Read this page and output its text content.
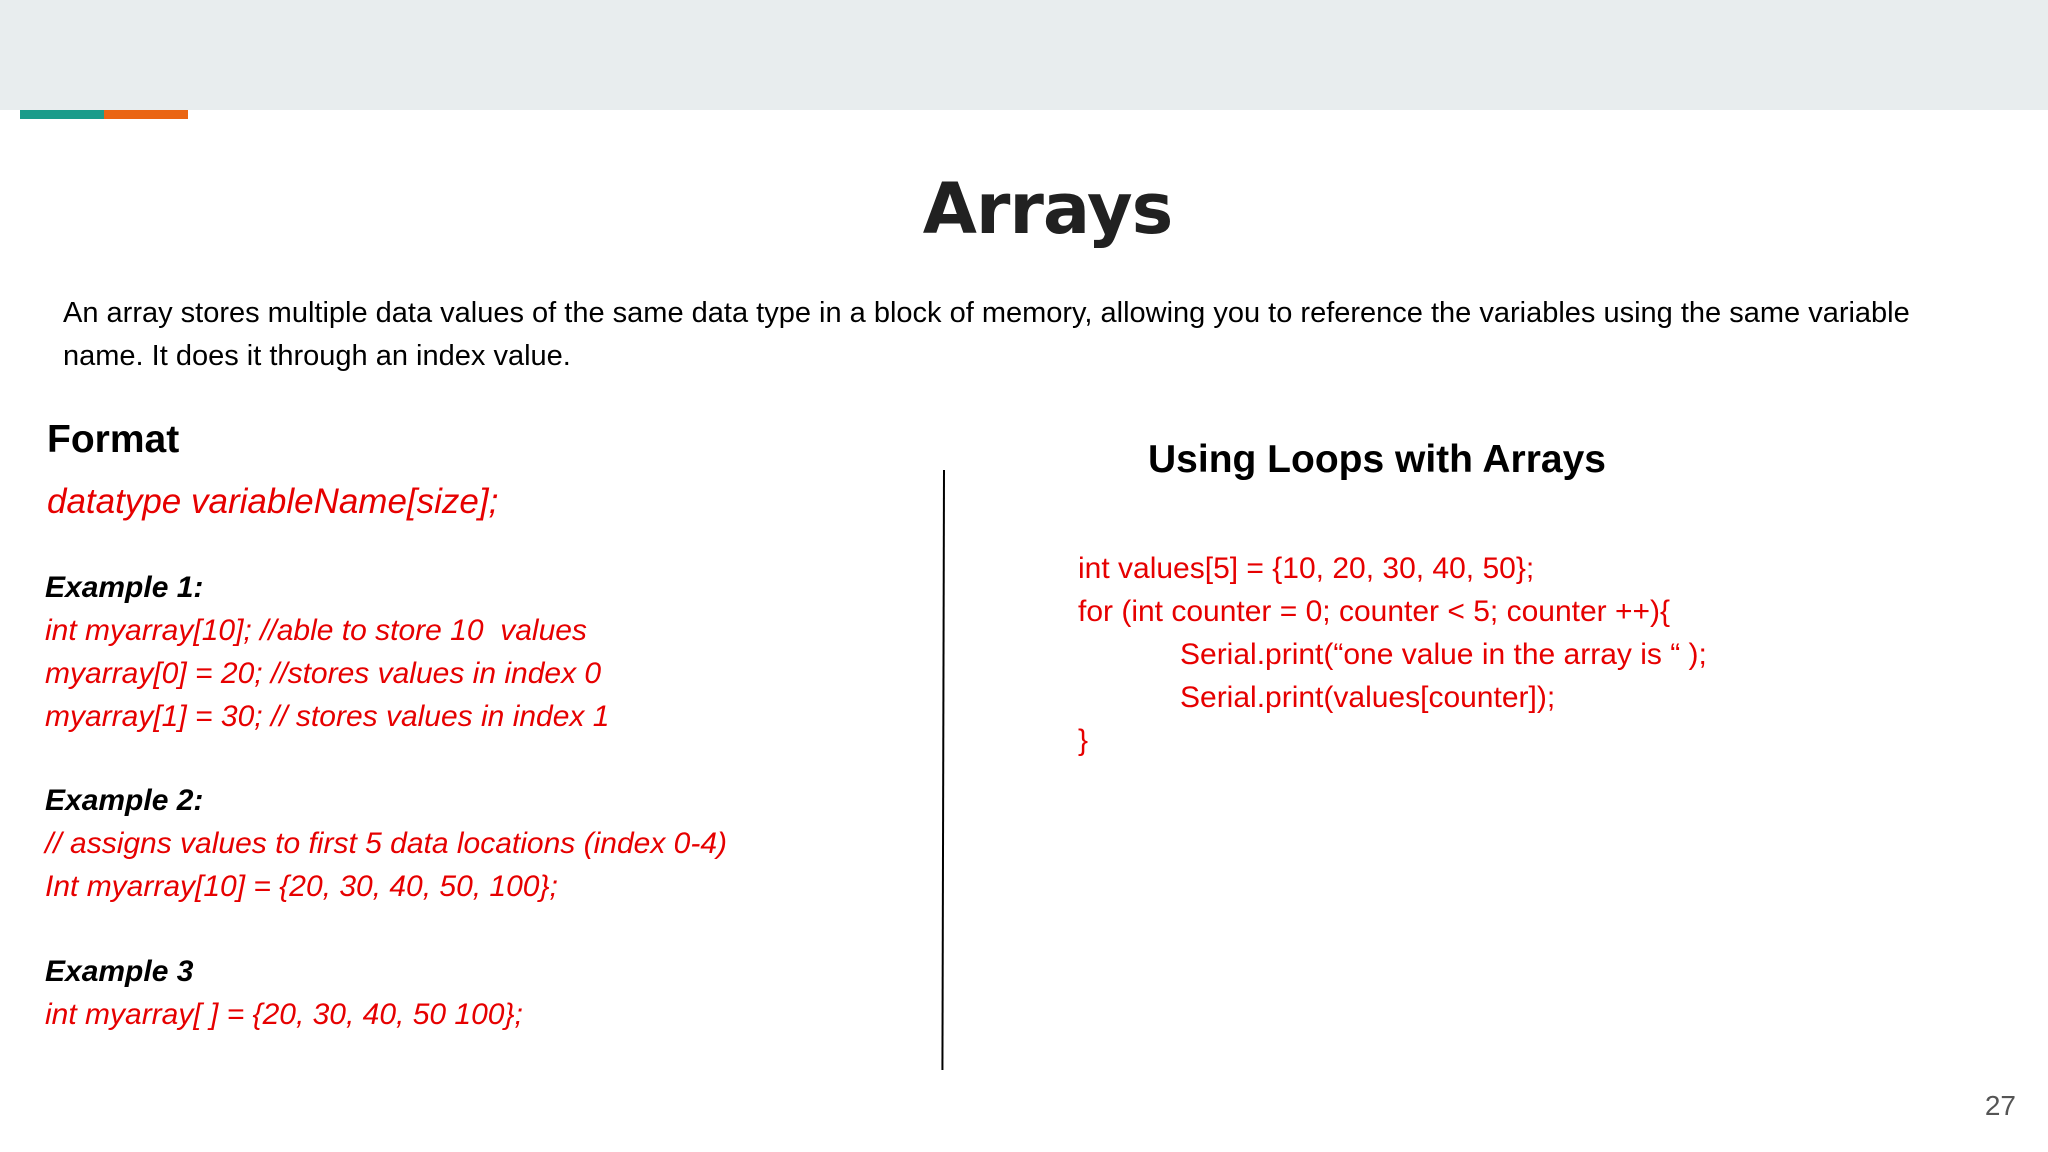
Arrays
An array stores multiple data values of the same data type in a block of memory, allowing you to reference the variables using the same variable name. It does it through an index value.
Format
datatype variableName[size];
Example 1:
int myarray[10]; //able to store 10  values
myarray[0] = 20; //stores values in index 0
myarray[1] = 30; // stores values in index 1
Example 2:
// assigns values to first 5 data locations (index 0-4)
Int myarray[10] = {20, 30, 40, 50, 100};
Example 3
int myarray[ ] = {20, 30, 40, 50 100};
Using Loops with Arrays
int values[5] = {10, 20, 30, 40, 50};
for (int counter = 0; counter < 5; counter ++){
Serial.print(“one value in the array is “ );
Serial.print(values[counter]);
}
27
